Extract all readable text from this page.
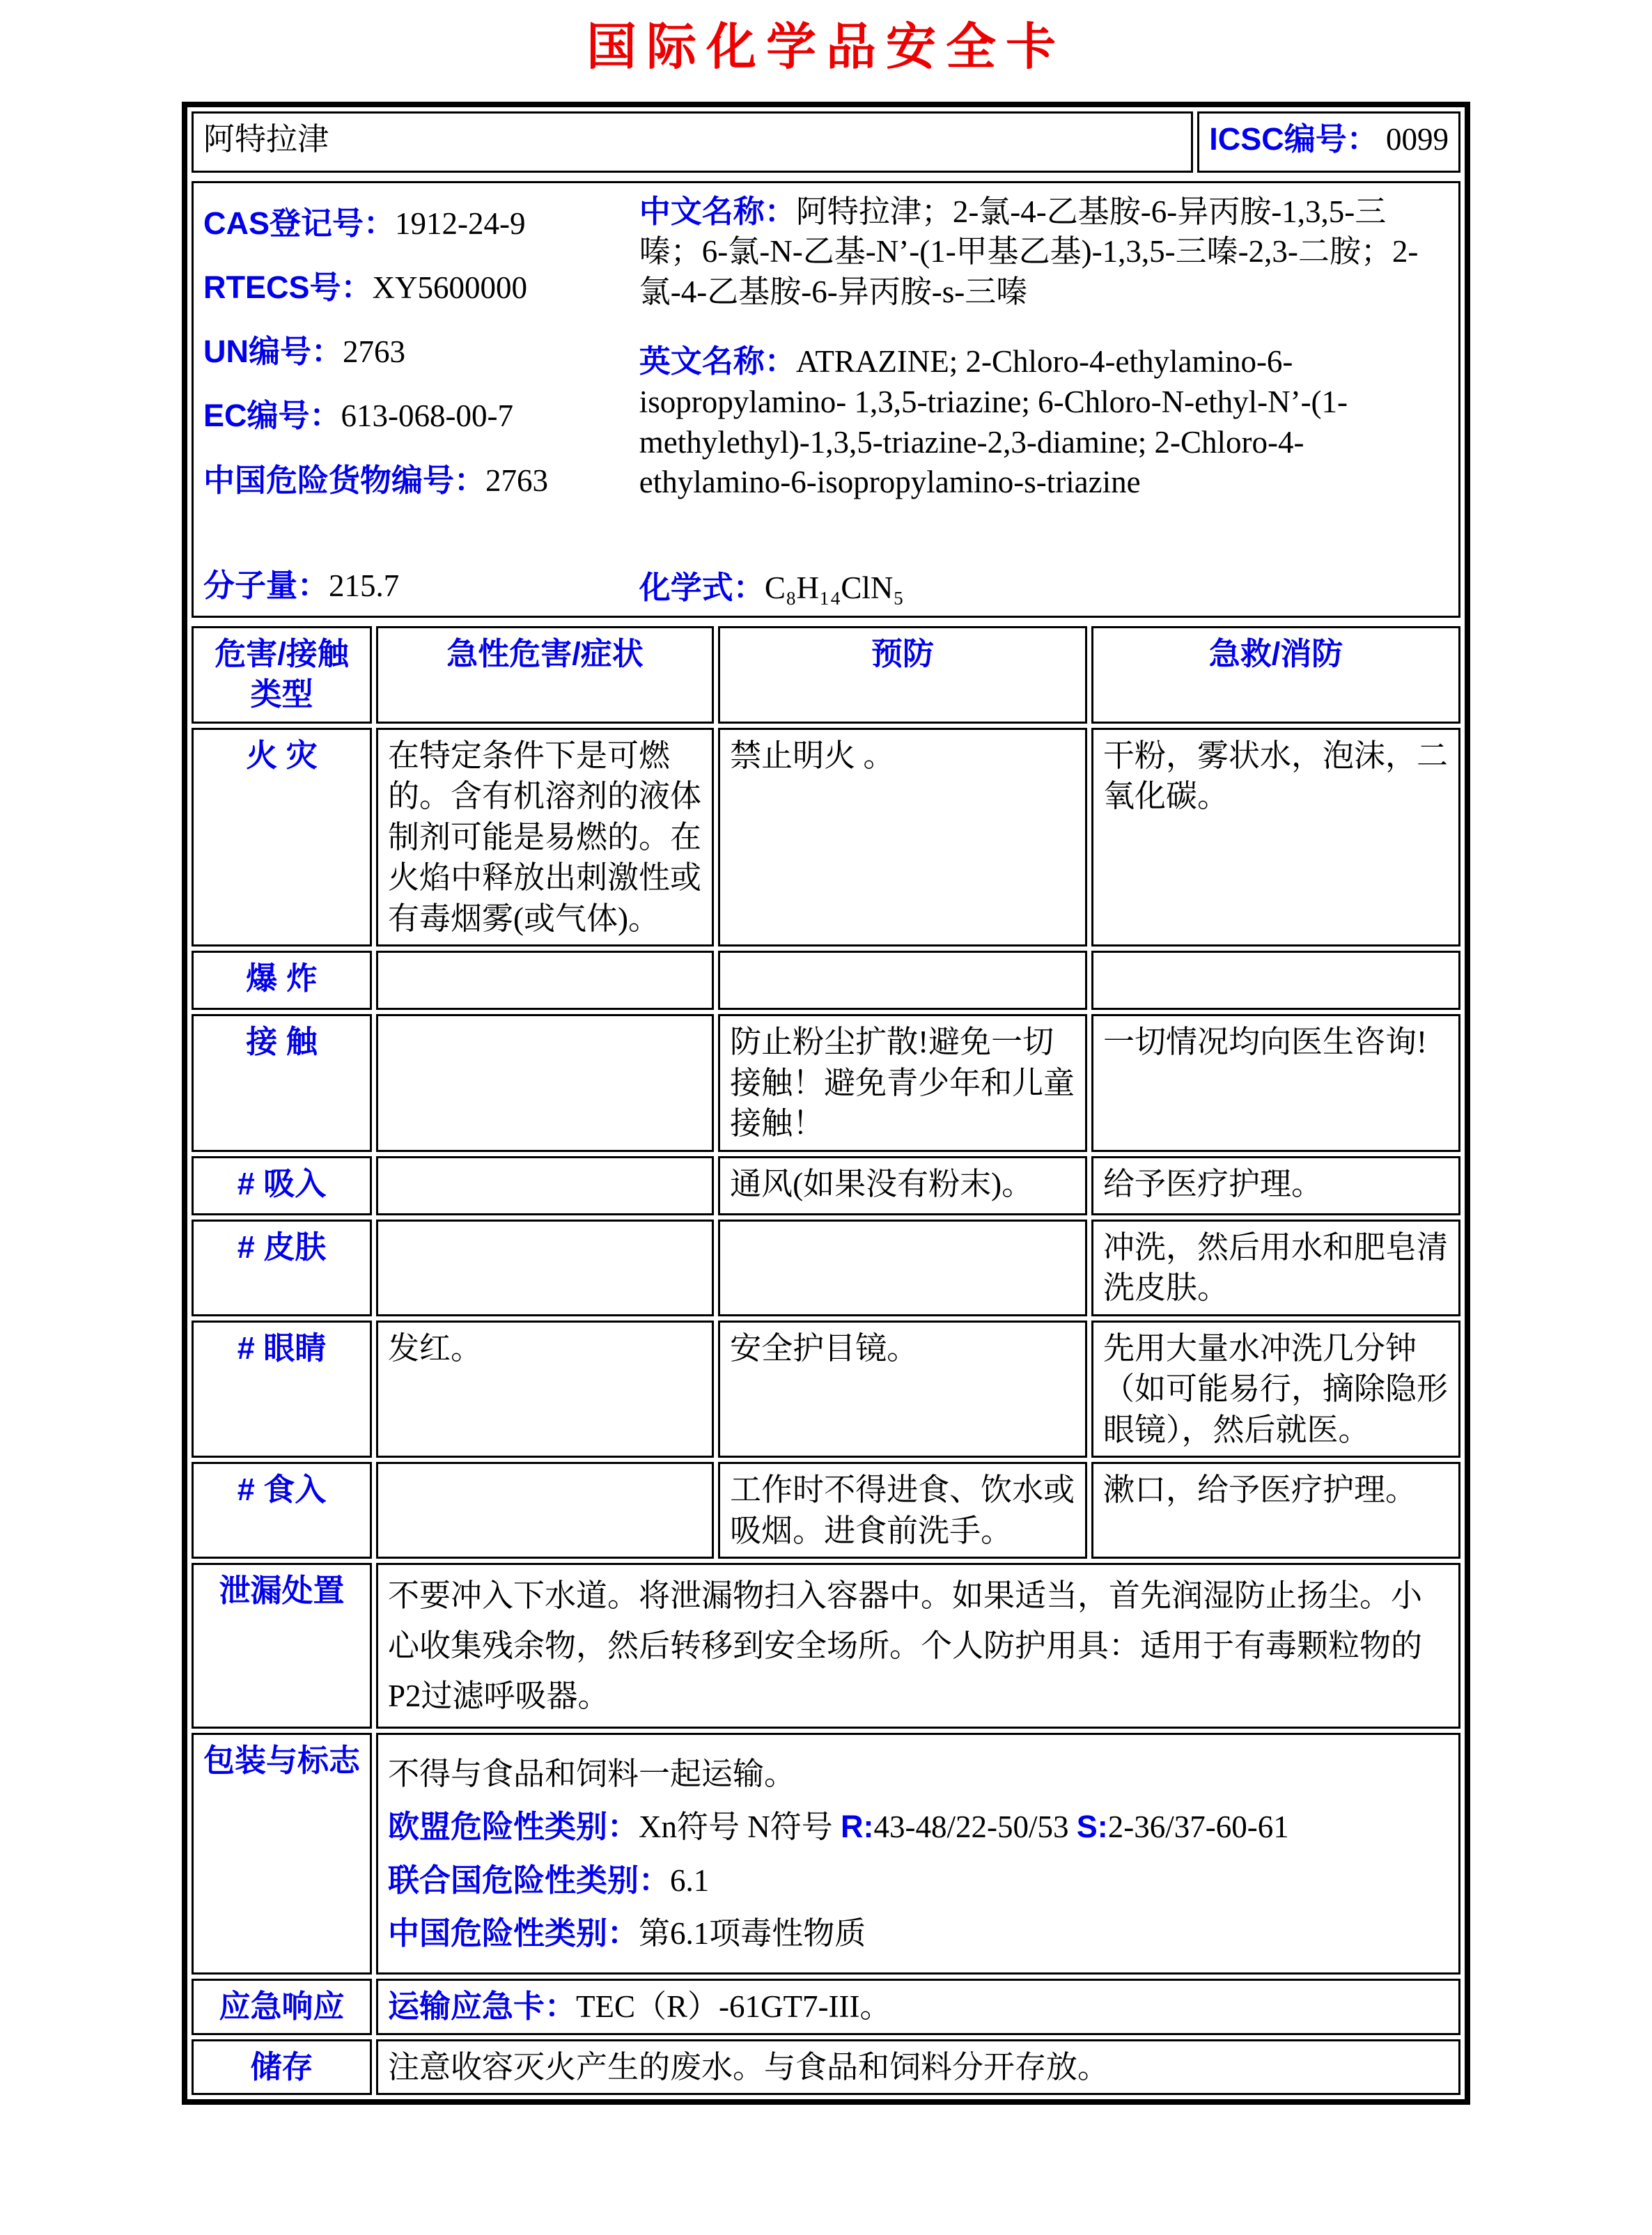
国际化学品安全卡
阿特拉津	ICSC编号： 0099
CAS登记号：1912-24-9
RTECS号：XY5600000
UN编号：2763
EC编号：613-068-00-7
中国危险货物编号：2763
分子量：215.7

中文名称：阿特拉津；2-氯-4-乙基胺-6-异丙胺-1,3,5-三嗪；6-氯-N-乙基-N’-(1-甲基乙基)-1,3,5-三嗪-2,3-二胺；2-氯-4-乙基胺-6-异丙胺-s-三嗪

英文名称：ATRAZINE; 2-Chloro-4-ethylamino-6-isopropylamino- 1,3,5-triazine; 6-Chloro-N-ethyl-N’-(1-methylethyl)-1,3,5-triazine-2,3-diamine; 2-Chloro-4-ethylamino-6-isopropylamino-s-triazine

化学式：C₈H₁₄ClN₅
危害/接触
类型	急性危害/症状	预防	急救/消防
火 灾	在特定条件下是可燃的。含有机溶剂的液体制剂可能是易燃的。在火焰中释放出刺激性或有毒烟雾(或气体)。	禁止明火 。	干粉，雾状水，泡沫，二氧化碳。
爆 炸			
接 触		防止粉尘扩散!避免一切接触！避免青少年和儿童接触！	一切情况均向医生咨询!
# 吸入		通风(如果没有粉末)。	给予医疗护理。
# 皮肤			冲洗，然后用水和肥皂清洗皮肤。
# 眼睛	发红。	安全护目镜。	先用大量水冲洗几分钟（如可能易行，摘除隐形眼镜），然后就医。
# 食入		工作时不得进食、饮水或吸烟。进食前洗手。	漱口，给予医疗护理。
泄漏处置	不要冲入下水道。将泄漏物扫入容器中。如果适当，首先润湿防止扬尘。小心收集残余物，然后转移到安全场所。个人防护用具：适用于有毒颗粒物的P2过滤呼吸器。		

包装与标志	不得与食品和饲料一起运输。
欧盟危险性类别：Xn符号 N符号 R:43-48/22-50/53 S:2-36/37-60-61
联合国危险性类别：6.1
中国危险性类别：第6.1项毒性物质		

应急响应	运输应急卡：TEC（R）-61GT7-III。		

储存	注意收容灭火产生的废水。与食品和饲料分开存放。		
